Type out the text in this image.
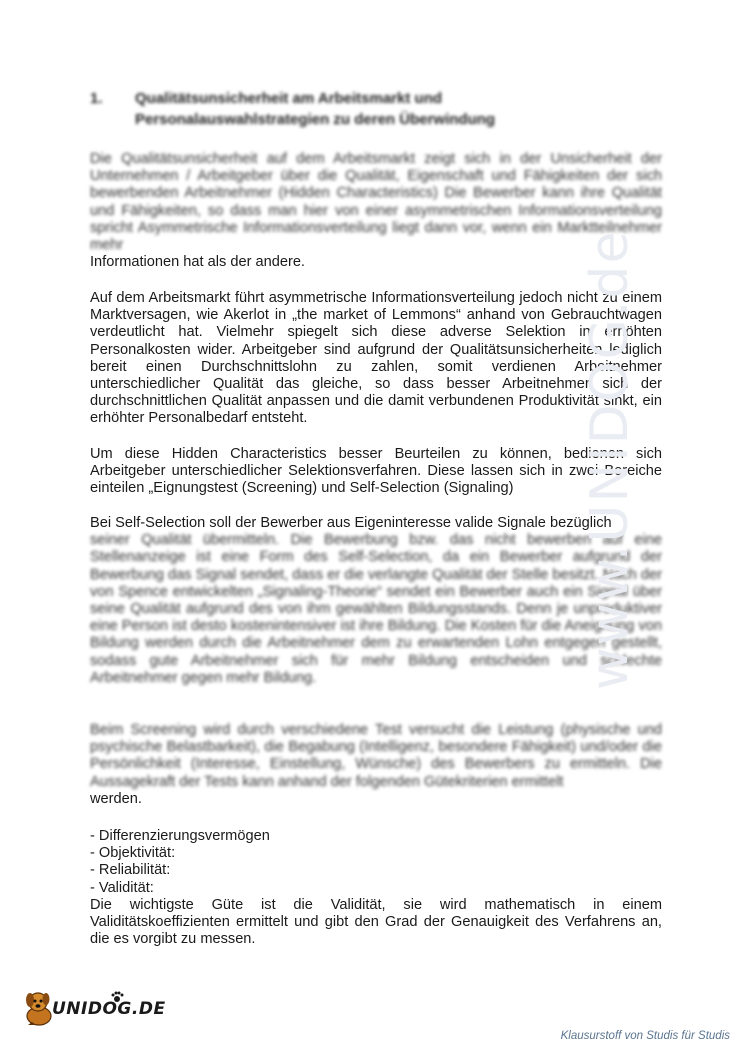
1. Qualitätsunsicherheit am Arbeitsmarkt und Personalauswahlstrategien zu deren Überwindung

Die Qualitätsunsicherheit auf dem Arbeitsmarkt zeigt sich in der Unsicherheit der Unternehmen / Arbeitgeber über die Qualität, Eigenschaft und Fähigkeiten der sich bewerbenden Arbeitnehmer (Hidden Characteristics) Die Bewerber kann ihre Qualität und Fähigkeiten, so dass man hier von einer asymmetrischen Informationsverteilung spricht Asymmetrische Informationsverteilung liegt dann vor, wenn ein Marktteilnehmer mehr

Informationen hat als der andere.

Auf dem Arbeitsmarkt führt asymmetrische Informationsverteilung jedoch nicht zu einem Marktversagen, wie Akerlot in „the market of Lemmons“ anhand von Gebrauchtwagen verdeutlicht hat. Vielmehr spiegelt sich diese adverse Selektion in erhöhten Personalkosten wider. Arbeitgeber sind aufgrund der Qualitätsunsicherheiten lediglich bereit einen Durchschnittslohn zu zahlen, somit verdienen Arbeitnehmer unterschiedlicher Qualität das gleiche, so dass besser Arbeitnehmer sich der durchschnittlichen Qualität anpassen und die damit verbundenen Produktivität sinkt, ein erhöhter Personalbedarf entsteht.

Um diese Hidden Characteristics besser Beurteilen zu können, bedienen sich Arbeitgeber unterschiedlicher Selektionsverfahren. Diese lassen sich in zwei Bereiche einteilen „Eignungstest (Screening) und Self-Selection (Signaling)

Bei Self-Selection soll der Bewerber aus Eigeninteresse valide Signale bezüglich

seiner Qualität übermitteln. Die Bewerbung bzw. das nicht bewerben auf eine Stellenanzeige ist eine Form des Self-Selection, da ein Bewerber aufgrund der Bewerbung das Signal sendet, dass er die verlangte Qualität der Stelle besitzt. Nach der von Spence entwickelten „Signaling-Theorie“ sendet ein Bewerber auch ein Signal über seine Qualität aufgrund des von ihm gewählten Bildungsstands. Denn je unproduktiver eine Person ist desto kostenintensiver ist ihre Bildung. Die Kosten für die Aneignung von Bildung werden durch die Arbeitnehmer dem zu erwartenden Lohn entgegen gestellt, sodass gute Arbeitnehmer sich für mehr Bildung entscheiden und schlechte Arbeitnehmer gegen mehr Bildung.

Beim Screening wird durch verschiedene Test versucht die Leistung (physische und psychische Belastbarkeit), die Begabung (Intelligenz, besondere Fähigkeit) und/oder die Persönlichkeit (Interesse, Einstellung, Wünsche) des Bewerbers zu ermitteln. Die Aussagekraft der Tests kann anhand der folgenden Gütekriterien ermittelt

werden.

- Differenzierungsvermögen
- Objektivität:
- Reliabilität:
- Validität:

Die wichtigste Güte ist die Validität, sie wird mathematisch in einem Validitätskoeffizienten ermittelt und gibt den Grad der Genauigkeit des Verfahrens an, die es vorgibt zu messen.

www.UNIDOG.de
UNIDOG.DE
Klausurstoff von Studis für Studis
